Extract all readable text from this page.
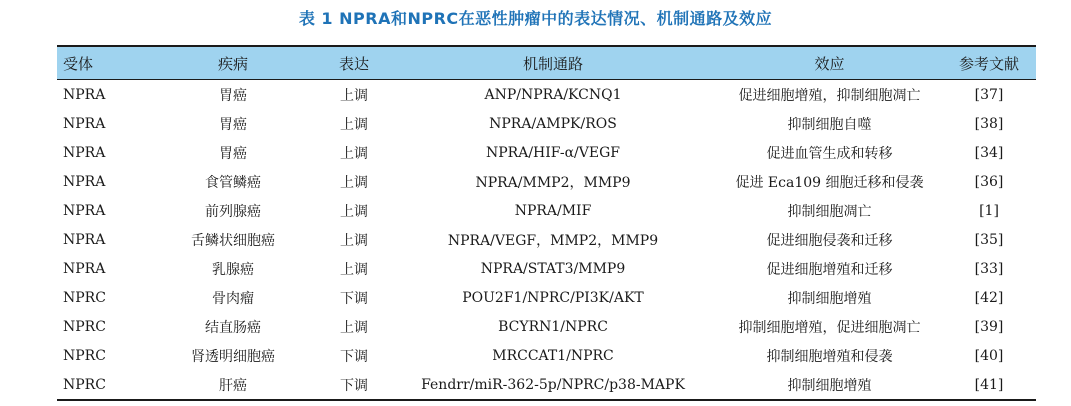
表 1 NPRA和NPRC在恶性肿瘤中的表达情况、机制通路及效应
受体	疾病	表达	机制通路	效应	参考文献
NPRA	胃癌	上调	ANP/NPRA/KCNQ1	促进细胞增殖，抑制细胞凋亡	[37]
NPRA	胃癌	上调	NPRA/AMPK/ROS	抑制细胞自噬	[38]
NPRA	胃癌	上调	NPRA/HIF-α/VEGF	促进血管生成和转移	[34]
NPRA	食管鳞癌	上调	NPRA/MMP2，MMP9	促进 Eca109 细胞迁移和侵袭	[36]
NPRA	前列腺癌	上调	NPRA/MIF	抑制细胞凋亡	[1]
NPRA	舌鳞状细胞癌	上调	NPRA/VEGF，MMP2，MMP9	促进细胞侵袭和迁移	[35]
NPRA	乳腺癌	上调	NPRA/STAT3/MMP9	促进细胞增殖和迁移	[33]
NPRC	骨肉瘤	下调	POU2F1/NPRC/PI3K/AKT	抑制细胞增殖	[42]
NPRC	结直肠癌	上调	BCYRN1/NPRC	抑制细胞增殖，促进细胞凋亡	[39]
NPRC	肾透明细胞癌	下调	MRCCAT1/NPRC	抑制细胞增殖和侵袭	[40]
NPRC	肝癌	下调	Fendrr/miR-362-5p/NPRC/p38-MAPK	抑制细胞增殖	[41]
